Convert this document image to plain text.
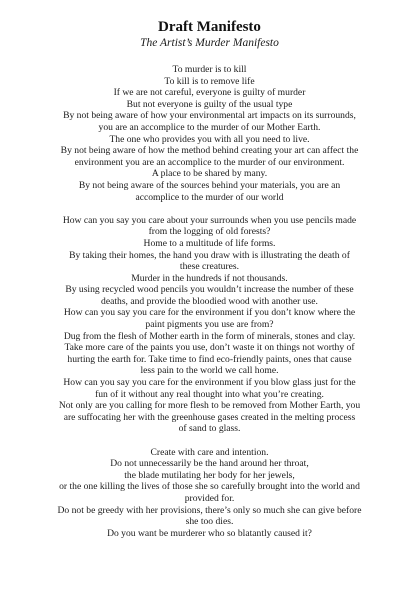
Draft Manifesto
The Artist’s Murder Manifesto
To murder is to kill
To kill is to remove life
If we are not careful, everyone is guilty of murder
But not everyone is guilty of the usual type
By not being aware of how your environmental art impacts on its surrounds,
you are an accomplice to the murder of our Mother Earth.
The one who provides you with all you need to live.
By not being aware of how the method behind creating your art can affect the
environment you are an accomplice to the murder of our environment.
A place to be shared by many.
By not being aware of the sources behind your materials, you are an
accomplice to the murder of our world
How can you say you care about your surrounds when you use pencils made
from the logging of old forests?
Home to a multitude of life forms.
By taking their homes, the hand you draw with is illustrating the death of
these creatures.
Murder in the hundreds if not thousands.
By using recycled wood pencils you wouldn’t increase the number of these
deaths, and provide the bloodied wood with another use.
How can you say you care for the environment if you don’t know where the
paint pigments you use are from?
Dug from the flesh of Mother earth in the form of minerals, stones and clay.
Take more care of the paints you use, don’t waste it on things not worthy of
hurting the earth for. Take time to find eco-friendly paints, ones that cause
less pain to the world we call home.
How can you say you care for the environment if you blow glass just for the
fun of it without any real thought into what you’re creating.
Not only are you calling for more flesh to be removed from Mother Earth, you
are suffocating her with the greenhouse gases created in the melting process
of sand to glass.
Create with care and intention.
Do not unnecessarily be the hand around her throat,
the blade mutilating her body for her jewels,
or the one killing the lives of those she so carefully brought into the world and
provided for.
Do not be greedy with her provisions, there’s only so much she can give before
she too dies.
Do you want be murderer who so blatantly caused it?
